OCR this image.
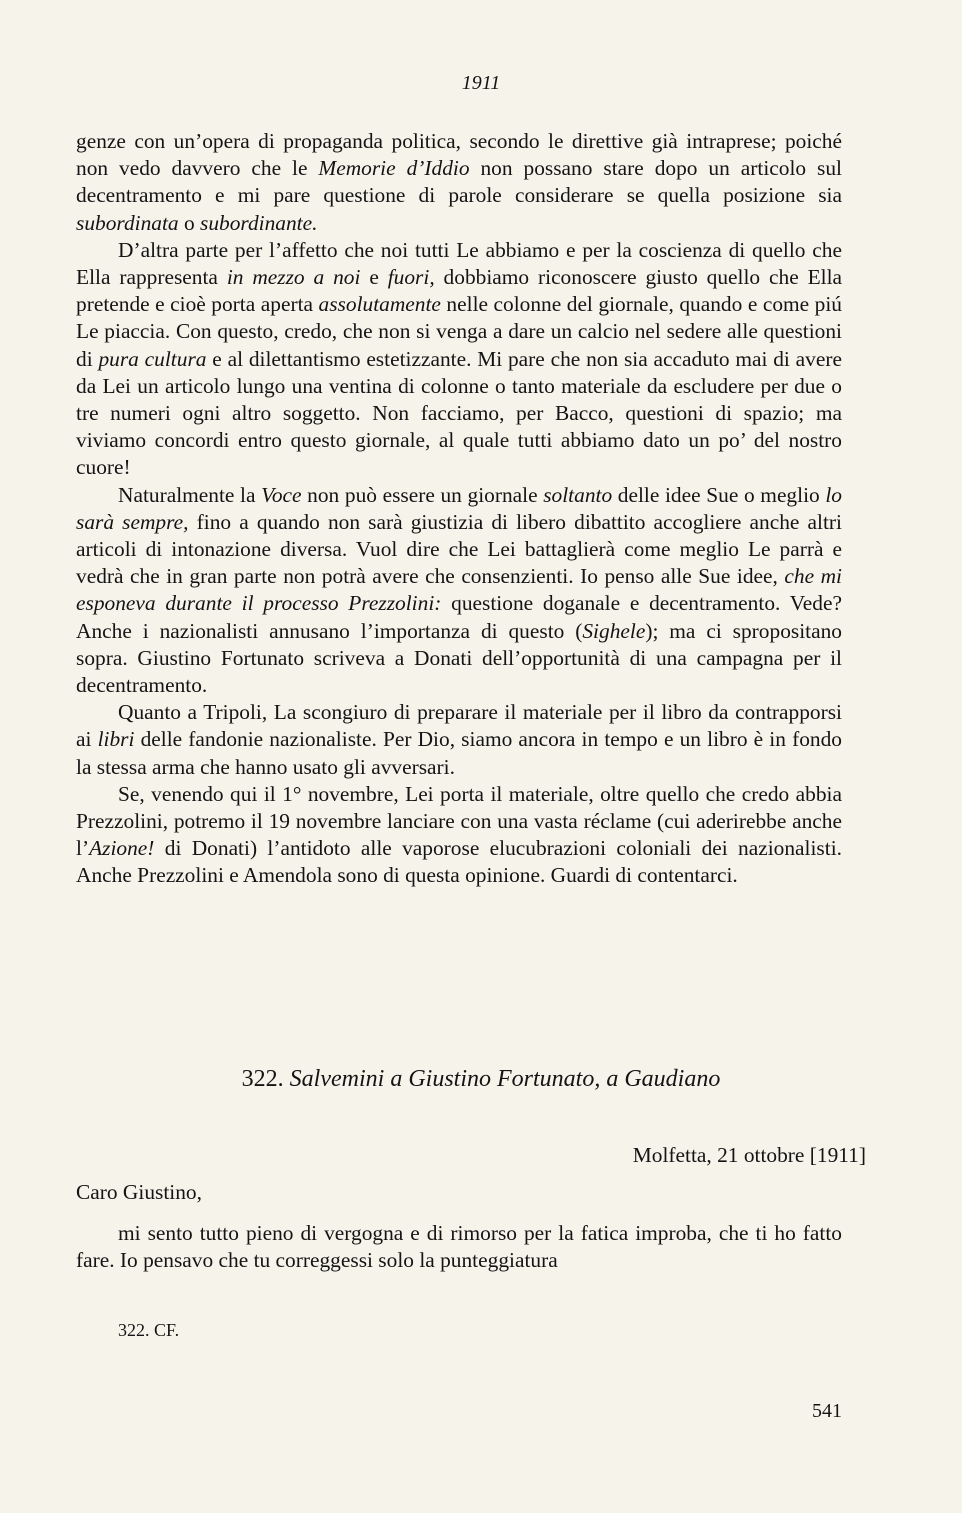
1911

genze con un’opera di propaganda politica, secondo le direttive già intraprese; poiché non vedo davvero che le Memorie d’Iddio non possano stare dopo un articolo sul decentramento e mi pare questione di parole considerare se quella posizione sia subordinata o subordinante.

D’altra parte per l’affetto che noi tutti Le abbiamo e per la coscienza di quello che Ella rappresenta in mezzo a noi e fuori, dobbiamo riconoscere giusto quello che Ella pretende e cioè porta aperta assolutamente nelle colonne del giornale, quando e come piú Le piaccia. Con questo, credo, che non si venga a dare un calcio nel sedere alle questioni di pura cultura e al dilettantismo estetizzante. Mi pare che non sia accaduto mai di avere da Lei un articolo lungo una ventina di colonne o tanto materiale da escludere per due o tre numeri ogni altro soggetto. Non facciamo, per Bacco, questioni di spazio; ma viviamo concordi entro questo giornale, al quale tutti abbiamo dato un po’ del nostro cuore!

Naturalmente la Voce non può essere un giornale soltanto delle idee Sue o meglio lo sarà sempre, fino a quando non sarà giustizia di libero dibattito accogliere anche altri articoli di intonazione diversa. Vuol dire che Lei battaglierà come meglio Le parrà e vedrà che in gran parte non potrà avere che consenzienti. Io penso alle Sue idee, che mi esponeva durante il processo Prezzolini: questione doganale e decentramento. Vede? Anche i nazionalisti annusano l’importanza di questo (Sighele); ma ci spropositano sopra. Giustino Fortunato scriveva a Donati dell’opportunità di una campagna per il decentramento.

Quanto a Tripoli, La scongiuro di preparare il materiale per il libro da contrapporsi ai libri delle fandonie nazionaliste. Per Dio, siamo ancora in tempo e un libro è in fondo la stessa arma che hanno usato gli avversari.

Se, venendo qui il 1° novembre, Lei porta il materiale, oltre quello che credo abbia Prezzolini, potremo il 19 novembre lanciare con una vasta réclame (cui aderirebbe anche l’Azione! di Donati) l’antidoto alle vaporose elucubrazioni coloniali dei nazionalisti. Anche Prezzolini e Amendola sono di questa opinione. Guardi di contentarci.

322. Salvemini a Giustino Fortunato, a Gaudiano
Molfetta, 21 ottobre [1911]
Caro Giustino,

mi sento tutto pieno di vergogna e di rimorso per la fatica improba, che ti ho fatto fare. Io pensavo che tu correggessi solo la punteggiatura

322. CF.
541
